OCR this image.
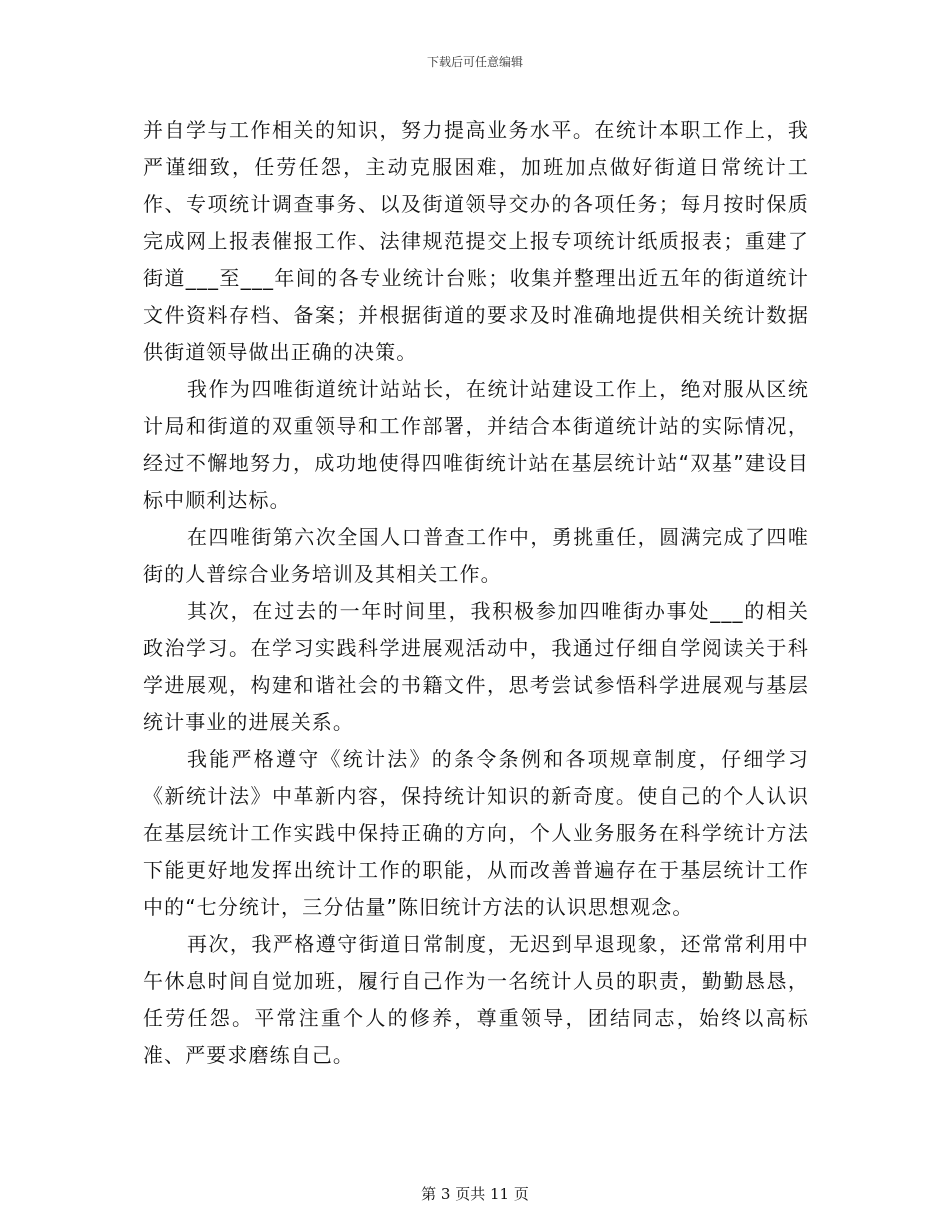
下载后可任意编辑

并自学与工作相关的知识，努力提高业务水平。在统计本职工作上，我严谨细致，任劳任怨，主动克服困难，加班加点做好街道日常统计工作、专项统计调查事务、以及街道领导交办的各项任务；每月按时保质完成网上报表催报工作、法律规范提交上报专项统计纸质报表；重建了街道___至___年间的各专业统计台账；收集并整理出近五年的街道统计文件资料存档、备案；并根据街道的要求及时准确地提供相关统计数据供街道领导做出正确的决策。

我作为四唯街道统计站站长，在统计站建设工作上，绝对服从区统计局和街道的双重领导和工作部署，并结合本街道统计站的实际情况，经过不懈地努力，成功地使得四唯街统计站在基层统计站“双基”建设目标中顺利达标。

在四唯街第六次全国人口普查工作中，勇挑重任，圆满完成了四唯街的人普综合业务培训及其相关工作。

其次，在过去的一年时间里，我积极参加四唯街办事处___的相关政治学习。在学习实践科学进展观活动中，我通过仔细自学阅读关于科学进展观，构建和谐社会的书籍文件，思考尝试参悟科学进展观与基层统计事业的进展关系。

我能严格遵守《统计法》的条令条例和各项规章制度，仔细学习《新统计法》中革新内容，保持统计知识的新奇度。使自己的个人认识在基层统计工作实践中保持正确的方向，个人业务服务在科学统计方法下能更好地发挥出统计工作的职能，从而改善普遍存在于基层统计工作中的“七分统计，三分估量”陈旧统计方法的认识思想观念。

再次，我严格遵守街道日常制度，无迟到早退现象，还常常利用中午休息时间自觉加班，履行自己作为一名统计人员的职责，勤勤恳恳，任劳任怨。平常注重个人的修养，尊重领导，团结同志，始终以高标准、严要求磨练自己。

第 3 页共 11 页
